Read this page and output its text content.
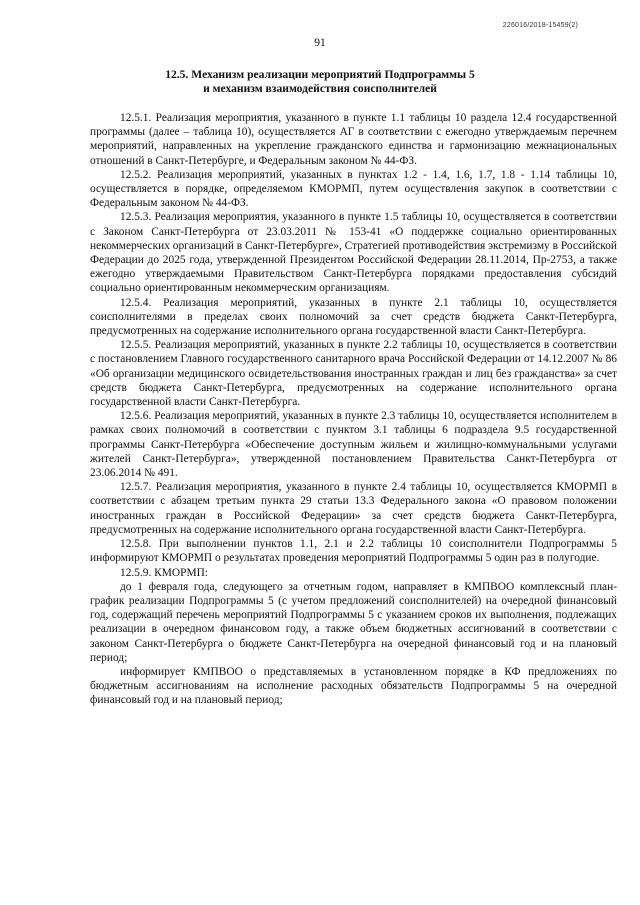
226016/2018-15459(2)
91
12.5. Механизм реализации мероприятий Подпрограммы 5
и механизм взаимодействия соисполнителей

12.5.1. Реализация мероприятия, указанного в пункте 1.1 таблицы 10 раздела 12.4 государственной программы (далее – таблица 10), осуществляется АГ в соответствии с ежегодно утверждаемым перечнем мероприятий, направленных на укрепление гражданского единства и гармонизацию межнациональных отношений в Санкт-Петербурге, и Федеральным законом № 44-ФЗ.

12.5.2. Реализация мероприятий, указанных в пунктах 1.2 - 1.4, 1.6, 1.7, 1.8 - 1.14 таблицы 10, осуществляется в порядке, определяемом КМОРМП, путем осуществления закупок в соответствии с Федеральным законом № 44-ФЗ.

12.5.3. Реализация мероприятия, указанного в пункте 1.5 таблицы 10, осуществляется в соответствии с Законом Санкт-Петербурга от 23.03.2011 № 153-41 «О поддержке социально ориентированных некоммерческих организаций в Санкт-Петербурге», Стратегией противодействия экстремизму в Российской Федерации до 2025 года, утвержденной Президентом Российской Федерации 28.11.2014, Пр-2753, а также ежегодно утверждаемыми Правительством Санкт-Петербурга порядками предоставления субсидий социально ориентированным некоммерческим организациям.

12.5.4. Реализация мероприятий, указанных в пункте 2.1 таблицы 10, осуществляется соисполнителями в пределах своих полномочий за счет средств бюджета Санкт-Петербурга, предусмотренных на содержание исполнительного органа государственной власти Санкт-Петербурга.

12.5.5. Реализация мероприятий, указанных в пункте 2.2 таблицы 10, осуществляется в соответствии с постановлением Главного государственного санитарного врача Российской Федерации от 14.12.2007 № 86 «Об организации медицинского освидетельствования иностранных граждан и лиц без гражданства» за счет средств бюджета Санкт-Петербурга, предусмотренных на содержание исполнительного органа государственной власти Санкт-Петербурга.

12.5.6. Реализация мероприятий, указанных в пункте 2.3 таблицы 10, осуществляется исполнителем в рамках своих полномочий в соответствии с пунктом 3.1 таблицы 6 подраздела 9.5 государственной программы Санкт-Петербурга «Обеспечение доступным жильем и жилищно-коммунальными услугами жителей Санкт-Петербурга», утвержденной постановлением Правительства Санкт-Петербурга от 23.06.2014 № 491.

12.5.7. Реализация мероприятия, указанного в пункте 2.4 таблицы 10, осуществляется КМОРМП в соответствии с абзацем третьим пункта 29 статьи 13.3 Федерального закона «О правовом положении иностранных граждан в Российской Федерации» за счет средств бюджета Санкт-Петербурга, предусмотренных на содержание исполнительного органа государственной власти Санкт-Петербурга.

12.5.8. При выполнении пунктов 1.1, 2.1 и 2.2 таблицы 10 соисполнители Подпрограммы 5 информируют КМОРМП о результатах проведения мероприятий Подпрограммы 5 один раз в полугодие.

12.5.9. КМОРМП:

до 1 февраля года, следующего за отчетным годом, направляет в КМПВОО комплексный план-график реализации Подпрограммы 5 (с учетом предложений соисполнителей) на очередной финансовый год, содержащий перечень мероприятий Подпрограммы 5 с указанием сроков их выполнения, подлежащих реализации в очередном финансовом году, а также объем бюджетных ассигнований в соответствии с законом Санкт-Петербурга о бюджете Санкт-Петербурга на очередной финансовый год и на плановый период;

информирует КМПВОО о представляемых в установленном порядке в КФ предложениях по бюджетным ассигнованиям на исполнение расходных обязательств Подпрограммы 5 на очередной финансовый год и на плановый период;
